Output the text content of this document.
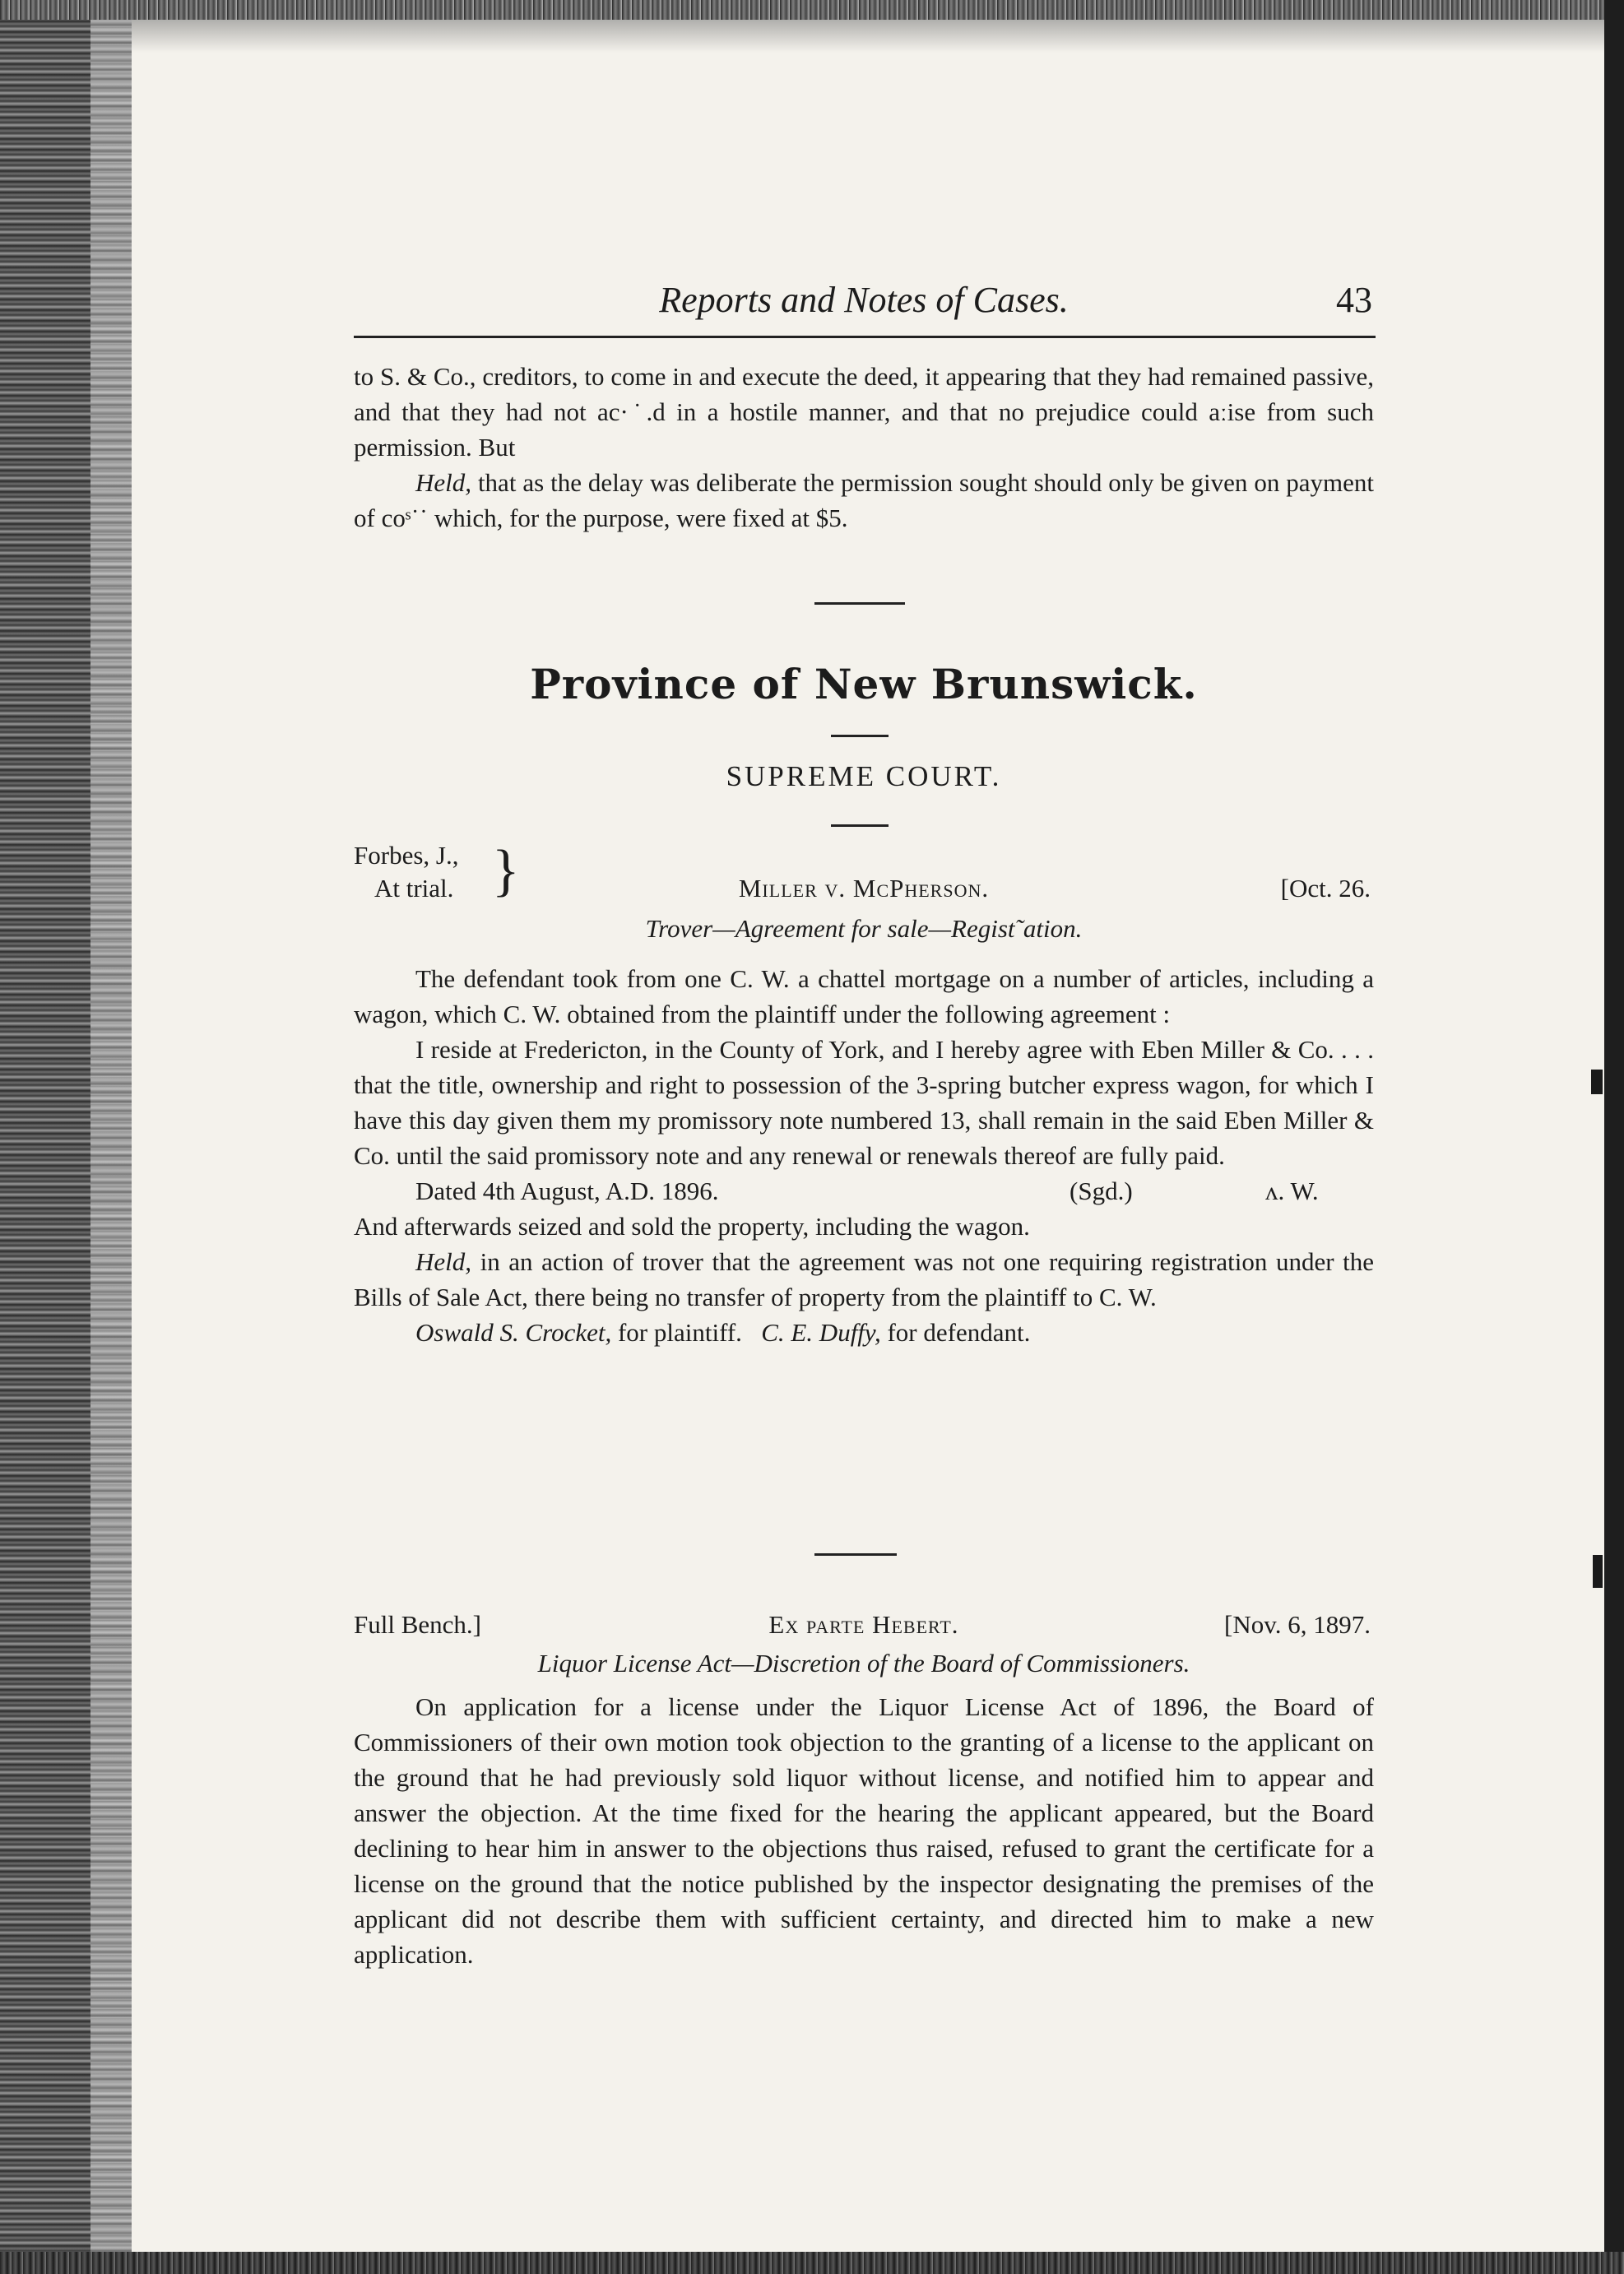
Reports and Notes of Cases.	43

to S. & Co., creditors, to come in and execute the deed, it appearing that they had remained passive, and that they had not ac·˙.d in a hostile manner, and that no prejudice could aːise from such permission. But

Held, that as the delay was deliberate the permission sought should only be given on payment of coˢ˙˙ which, for the purpose, were fixed at $5.

Province of New Brunswick.
SUPREME COURT.
Forbes, J.,
At trial. }	Miller v. McPherson.	[Oct. 26.
Trover—Agreement for sale—Regist˜ation.

The defendant took from one C. W. a chattel mortgage on a number of articles, including a wagon, which C. W. obtained from the plaintiff under the following agreement :

I reside at Fredericton, in the County of York, and I hereby agree with Eben Miller & Co. . . . that the title, ownership and right to possession of the 3-spring butcher express wagon, for which I have this day given them my promissory note numbered 13, shall remain in the said Eben Miller & Co. until the said promissory note and any renewal or renewals thereof are fully paid.

Dated 4th August, A.D. 1896.	(Sgd.)	ʌ. W.

And afterwards seized and sold the property, including the wagon.

Held, in an action of trover that the agreement was not one requiring registration under the Bills of Sale Act, there being no transfer of property from the plaintiff to C. W.

Oswald S. Crocket, for plaintiff. C. E. Duffy, for defendant.

Full Bench.]	Ex parte Hebert.	[Nov. 6, 1897.
Liquor License Act—Discretion of the Board of Commissioners.

On application for a license under the Liquor License Act of 1896, the Board of Commissioners of their own motion took objection to the granting of a license to the applicant on the ground that he had previously sold liquor without license, and notified him to appear and answer the objection. At the time fixed for the hearing the applicant appeared, but the Board declining to hear him in answer to the objections thus raised, refused to grant the certificate for a license on the ground that the notice published by the inspector designating the premises of the applicant did not describe them with sufficient certainty, and directed him to make a new application.
